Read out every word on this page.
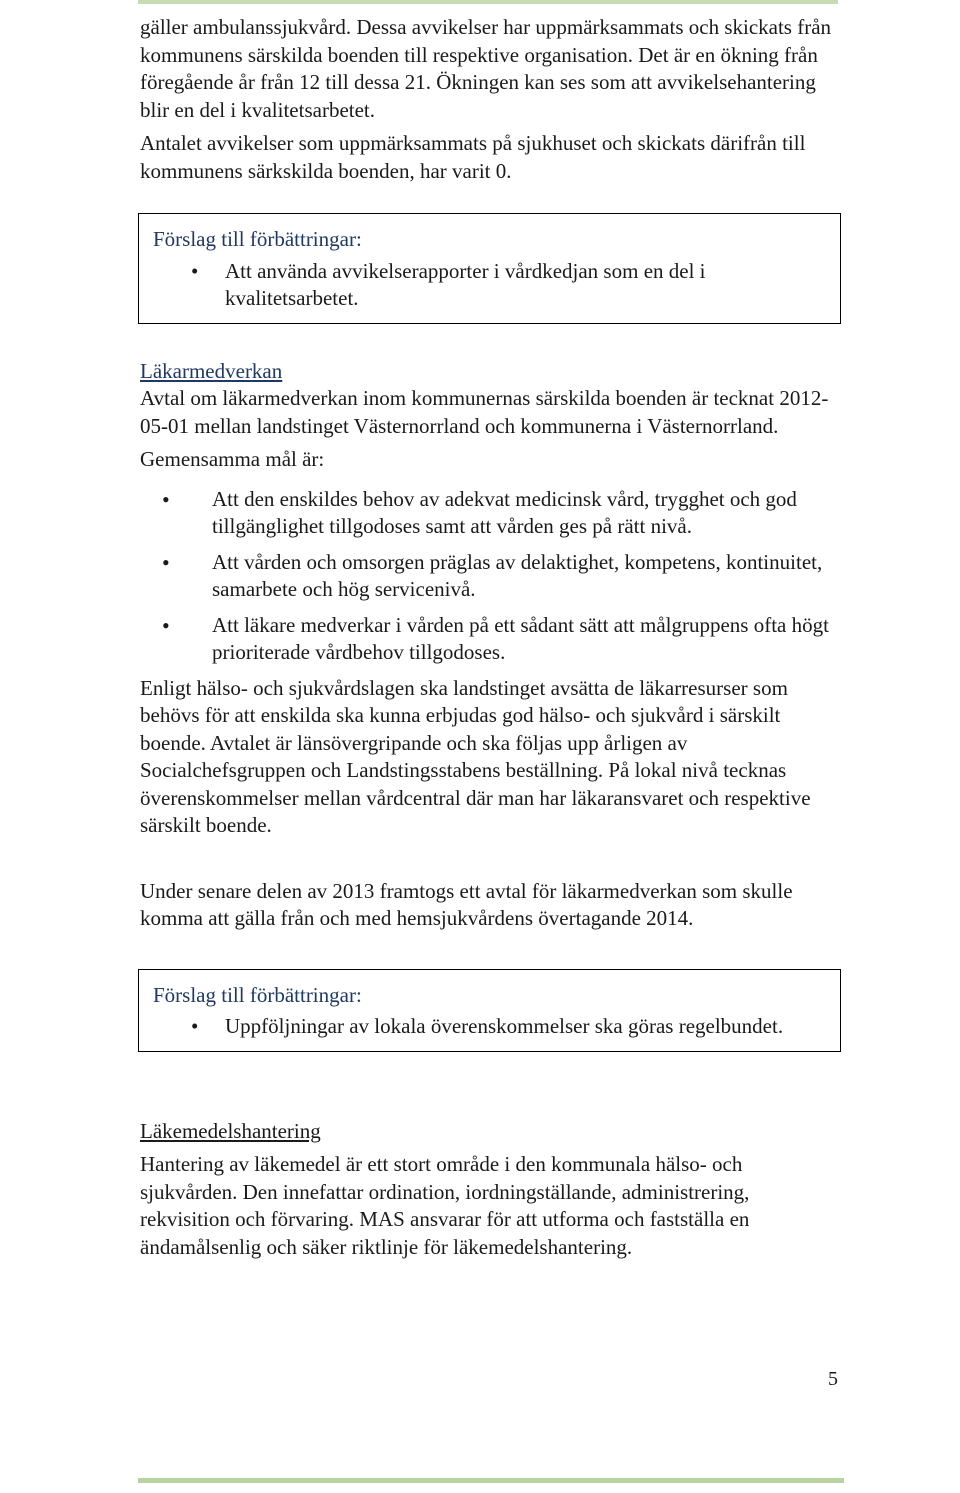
gäller ambulanssjukvård. Dessa avvikelser har uppmärksammats och skickats från kommunens särskilda boenden till respektive organisation. Det är en ökning från föregående år från 12 till dessa 21. Ökningen kan ses som att avvikelsehantering blir en del i kvalitetsarbetet.

Antalet avvikelser som uppmärksammats på sjukhuset och skickats därifrån till kommunens särkskilda boenden, har varit 0.

Förslag till förbättringar:

• Att använda avvikelserapporter i vårdkedjan som en del i kvalitetsarbetet.

Läkarmedverkan

Avtal om läkarmedverkan inom kommunernas särskilda boenden är tecknat 2012-05-01 mellan landstinget Västernorrland och kommunerna i Västernorrland.

Gemensamma mål är:

• Att den enskildes behov av adekvat medicinsk vård, trygghet och god tillgänglighet tillgodoses samt att vården ges på rätt nivå.
• Att vården och omsorgen präglas av delaktighet, kompetens, kontinuitet, samarbete och hög servicenivå.
• Att läkare medverkar i vården på ett sådant sätt att målgruppens ofta högt prioriterade vårdbehov tillgodoses.

Enligt hälso- och sjukvårdslagen ska landstinget avsätta de läkarresurser som behövs för att enskilda ska kunna erbjudas god hälso- och sjukvård i särskilt boende. Avtalet är länsövergripande och ska följas upp årligen av Socialchefsgruppen och Landstingsstabens beställning. På lokal nivå tecknas överenskommelser mellan vårdcentral där man har läkaransvaret och respektive särskilt boende.

Under senare delen av 2013 framtogs ett avtal för läkarmedverkan som skulle komma att gälla från och med hemsjukvårdens övertagande 2014.

Förslag till förbättringar:

• Uppföljningar av lokala överenskommelser ska göras regelbundet.

Läkemedelshantering

Hantering av läkemedel är ett stort område i den kommunala hälso- och sjukvården. Den innefattar ordination, iordningställande, administrering, rekvisition och förvaring. MAS ansvarar för att utforma och fastställa en ändamålsenlig och säker riktlinje för läkemedelshantering.

5
